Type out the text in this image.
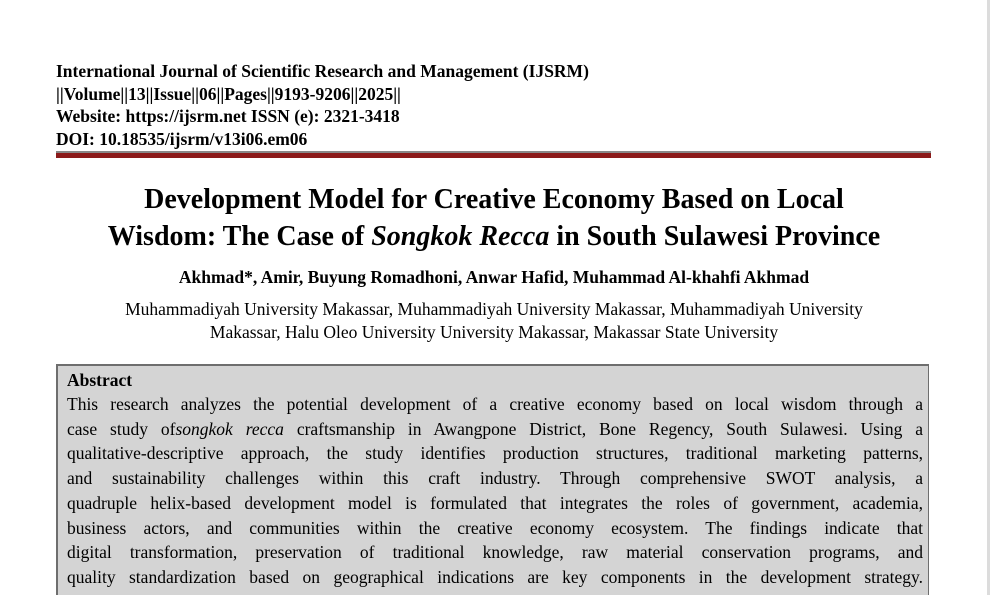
International Journal of Scientific Research and Management (IJSRM)
||Volume||13||Issue||06||Pages||9193-9206||2025||
Website: https://ijsrm.net ISSN (e): 2321-3418
DOI: 10.18535/ijsrm/v13i06.em06
Development Model for Creative Economy Based on Local
Wisdom: The Case of Songkok Recca in South Sulawesi Province
Akhmad*, Amir, Buyung Romadhoni, Anwar Hafid, Muhammad Al-khahfi Akhmad
Muhammadiyah University Makassar, Muhammadiyah University Makassar, Muhammadiyah University
Makassar, Halu Oleo University University Makassar, Makassar State University
Abstract
This research analyzes the potential development of a creative economy based on local wisdom through a
case study ofsongkok recca craftsmanship in Awangpone District, Bone Regency, South Sulawesi. Using a
qualitative-descriptive approach, the study identifies production structures, traditional marketing patterns,
and sustainability challenges within this craft industry. Through comprehensive SWOT analysis, a
quadruple helix-based development model is formulated that integrates the roles of government, academia,
business actors, and communities within the creative economy ecosystem. The findings indicate that
digital transformation, preservation of traditional knowledge, raw material conservation programs, and
quality standardization based on geographical indications are key components in the development strategy.
